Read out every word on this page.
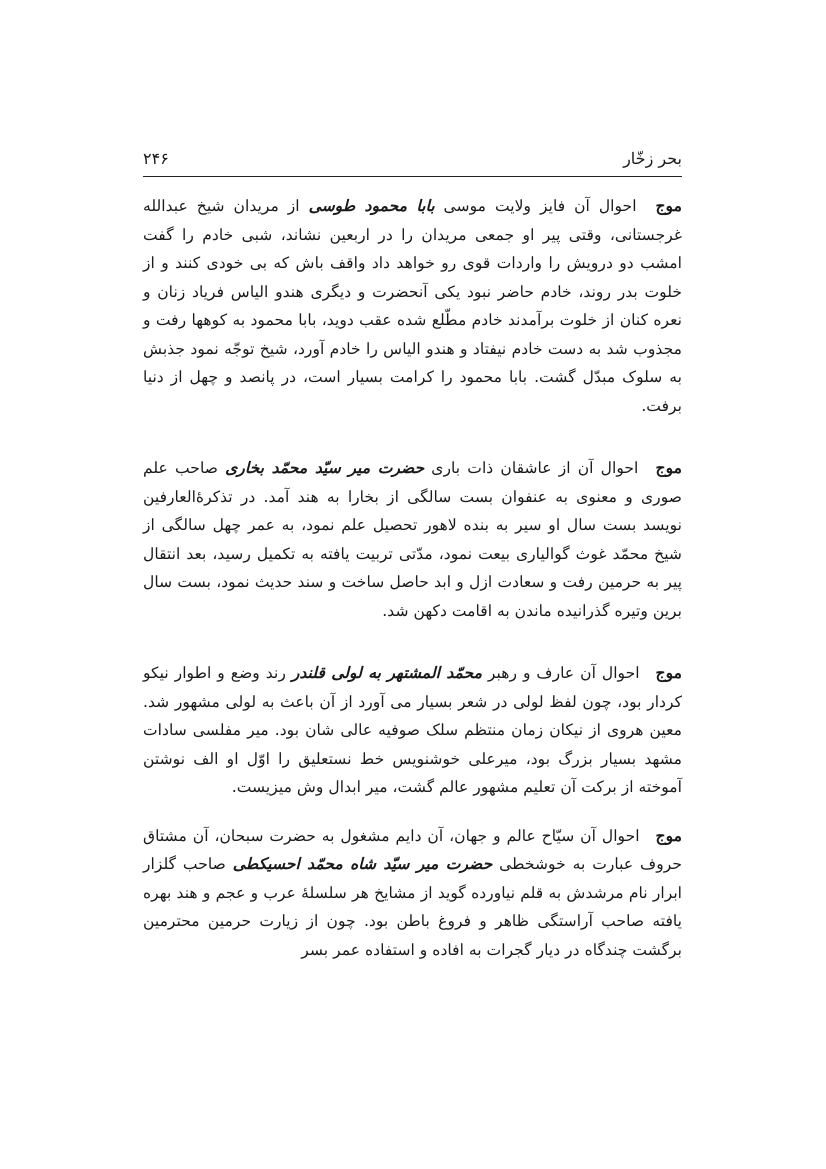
بحر زخّار
۲۴۶

موج احوال آن فایز ولایت موسی بابا محمود طوسی از مریدان شیخ عبدالله غرجستانی، وقتی پیر او جمعی مریدان را در اربعین نشاند، شبی خادم را گفت امشب دو درویش را واردات قوی رو خواهد داد واقف باش که بی خودی کنند و از خلوت بدر روند، خادم حاضر نبود یکی آنحضرت و دیگری هندو الیاس فریاد زنان و نعره کنان از خلوت برآمدند خادم مطّلع شده عقب دوید، بابا محمود به کوهها رفت و مجذوب شد به دست خادم نیفتاد و هندو الیاس را خادم آورد، شیخ توجّه نمود جذبش به سلوک مبدّل گشت. بابا محمود را کرامت بسیار است، در پانصد و چهل از دنیا برفت.

موج احوال آن از عاشقان ذات باری حضرت میر سیّد محمّد بخاری صاحب علم صوری و معنوی به عنفوان بست سالگی از بخارا به هند آمد. در تذکرۀالعارفین نویسد بست سال او سیر به بنده لاهور تحصیل علم نمود، به عمر چهل سالگی از شیخ محمّد غوث گوالیاری بیعت نمود، مدّتی تربیت یافته به تکمیل رسید، بعد انتقال پیر به حرمین رفت و سعادت ازل و ابد حاصل ساخت و سند حدیث نمود، بست سال برین وتیره گذرانیده ماندن به اقامت دکهن شد.

موج احوال آن عارف و رهبر محمّد المشتهر به لولی قلندر رند وضع و اطوار نیکو کردار بود، چون لفظ لولی در شعر بسیار می آورد از آن باعث به لولی مشهور شد. معین هروی از نیکان زمان منتظم سلک صوفیه عالی شان بود. میر مفلسی سادات مشهد بسیار بزرگ بود، میرعلی خوشنویس خط نستعلیق را اوّل او الف نوشتن آموخته از برکت آن تعلیم مشهور عالم گشت، میر ابدال وش میزیست.

موج احوال آن سیّاح عالم و جهان، آن دایم مشغول به حضرت سبحان، آن مشتاق حروف عبارت به خوشخطی حضرت میر سیّد شاه محمّد احسیکطی صاحب گلزار ابرار نام مرشدش به قلم نیاورده گوید از مشایخ هر سلسلۀ عرب و عجم و هند بهره یافته صاحب آراستگی ظاهر و فروغ باطن بود. چون از زیارت حرمین محترمین برگشت چندگاه در دیار گجرات به افاده و استفاده عمر بسر
